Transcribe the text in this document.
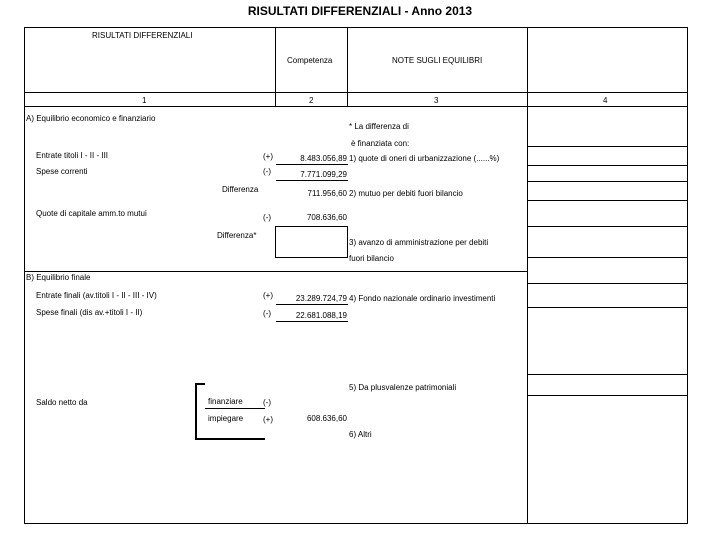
RISULTATI DIFFERENZIALI - Anno 2013
RISULTATI DIFFERENZIALI
Competenza	NOTE SUGLI EQUILIBRI
1	2	3	4
A) Equilibrio economico e finanziario
* La differenza di
è finanziata con:
Entrate titoli I - II - III	(+)	8.483.056,89 1) quote di oneri di urbanizzazione (......%)
Spese correnti	(-)	7.771.099,29
Differenza	711.956,60 2) mutuo per debiti fuori bilancio
Quote di capitale amm.to mutui	(-)	708.636,60
Differenza*
3) avanzo di amministrazione per debiti
fuori bilancio
B) Equilibrio finale
Entrate finali (av.titoli I - II - III - IV)	(+)	23.289.724,79 4) Fondo nazionale ordinario investimenti
Spese finali (dis av.+titoli I - II)	(-)	22.681.088,19
5) Da plusvalenze patrimoniali
Saldo netto da	finanziare	(-)
impiegare (+)	608.636,60
6) Altri
